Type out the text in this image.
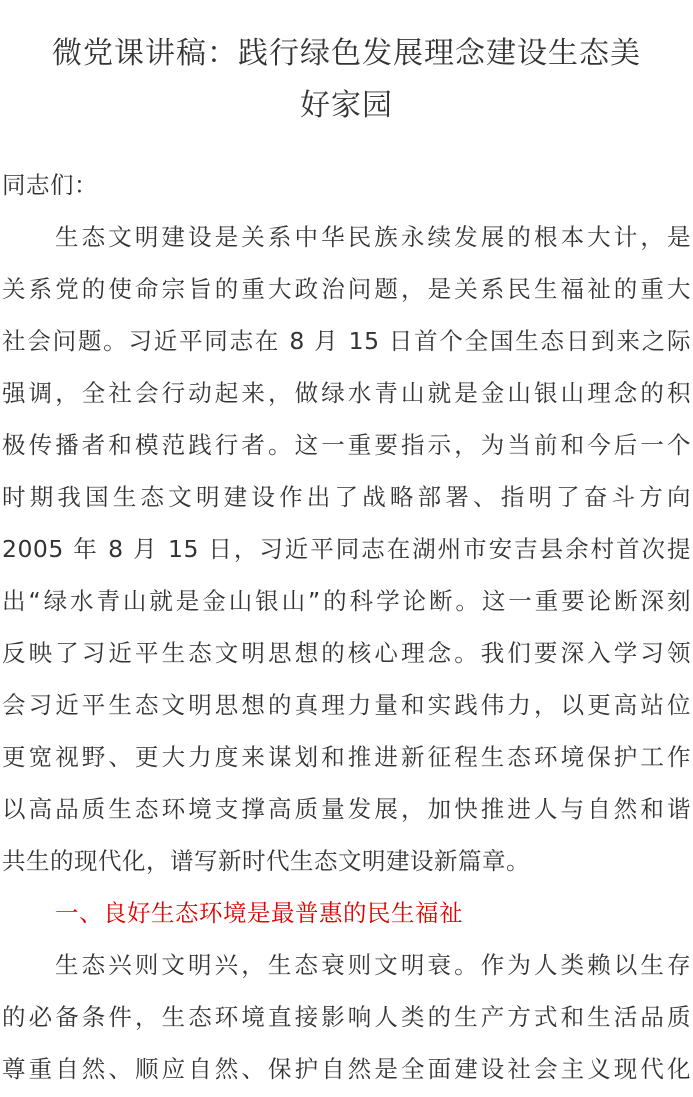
微党课讲稿：践行绿色发展理念建设生态美
好家园
同志们：
生态文明建设是关系中华民族永续发展的根本大计，是
关系党的使命宗旨的重大政治问题，是关系民生福祉的重大
社会问题。习近平同志在 8 月 15 日首个全国生态日到来之际
强调，全社会行动起来，做绿水青山就是金山银山理念的积
极传播者和模范践行者。这一重要指示，为当前和今后一个
时期我国生态文明建设作出了战略部署、指明了奋斗方向
2005 年 8 月 15 日，习近平同志在湖州市安吉县余村首次提
出“绿水青山就是金山银山”的科学论断。这一重要论断深刻
反映了习近平生态文明思想的核心理念。我们要深入学习领
会习近平生态文明思想的真理力量和实践伟力，以更高站位
更宽视野、更大力度来谋划和推进新征程生态环境保护工作
以高品质生态环境支撑高质量发展，加快推进人与自然和谐
共生的现代化，谱写新时代生态文明建设新篇章。
一、良好生态环境是最普惠的民生福祉
生态兴则文明兴，生态衰则文明衰。作为人类赖以生存
的必备条件，生态环境直接影响人类的生产方式和生活品质
尊重自然、顺应自然、保护自然是全面建设社会主义现代化
